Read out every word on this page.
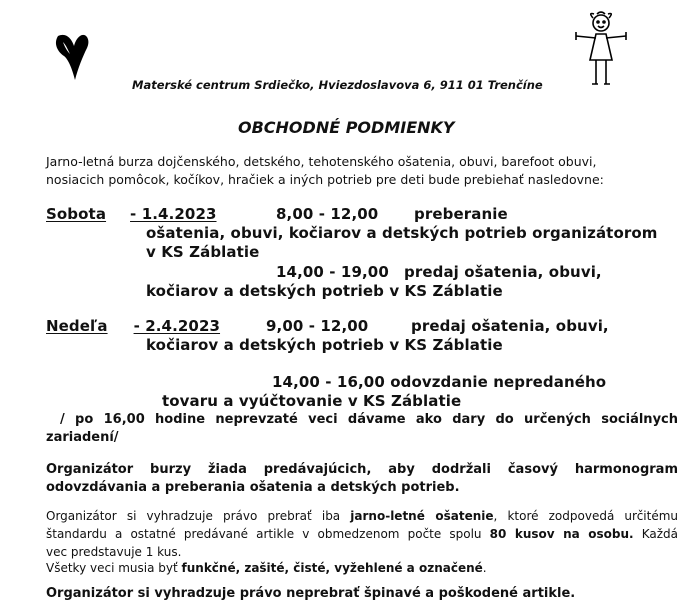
Materské centrum Srdiečko, Hviezdoslavova 6, 911 01 Trenčíne
OBCHODNÉ PODMIENKY
Jarno-letná burza dojčenského, detského, tehotenského ošatenia, obuvi, barefoot obuvi,
nosiacich pomôcok, kočíkov, hračiek a iných potrieb pre deti bude prebiehať nasledovne:
Sobota - 1.4.2023	8,00 - 12,00 preberanie
ošatenia, obuvi, kočiarov a detských potrieb organizátorom
v KS Záblatie
14,00 - 19,00 predaj ošatenia, obuvi,
kočiarov a detských potrieb v KS Záblatie
Nedeľa - 2.4.2023	9,00 - 12,00	predaj ošatenia, obuvi,
kočiarov a detských potrieb v KS Záblatie
14,00 - 16,00 odovzdanie nepredaného
tovaru a vyúčtovanie v KS Záblatie
/ po 16,00 hodine neprevzaté veci dávame ako dary do určených sociálnych
zariadení/
Organizátor burzy žiada predávajúcich, aby dodržali časový harmonogram
odovzdávania a preberania ošatenia a detských potrieb.
Organizátor si vyhradzuje právo prebrať iba jarno-letné ošatenie, ktoré zodpovedá určitému
štandardu a ostatné predávané artikle v obmedzenom počte spolu 80 kusov na osobu. Každá
vec predstavuje 1 kus.
Všetky veci musia byť funkčné, zašité, čisté, vyžehlené a označené.
Organizátor si vyhradzuje právo neprebrať špinavé a poškodené artikle.
